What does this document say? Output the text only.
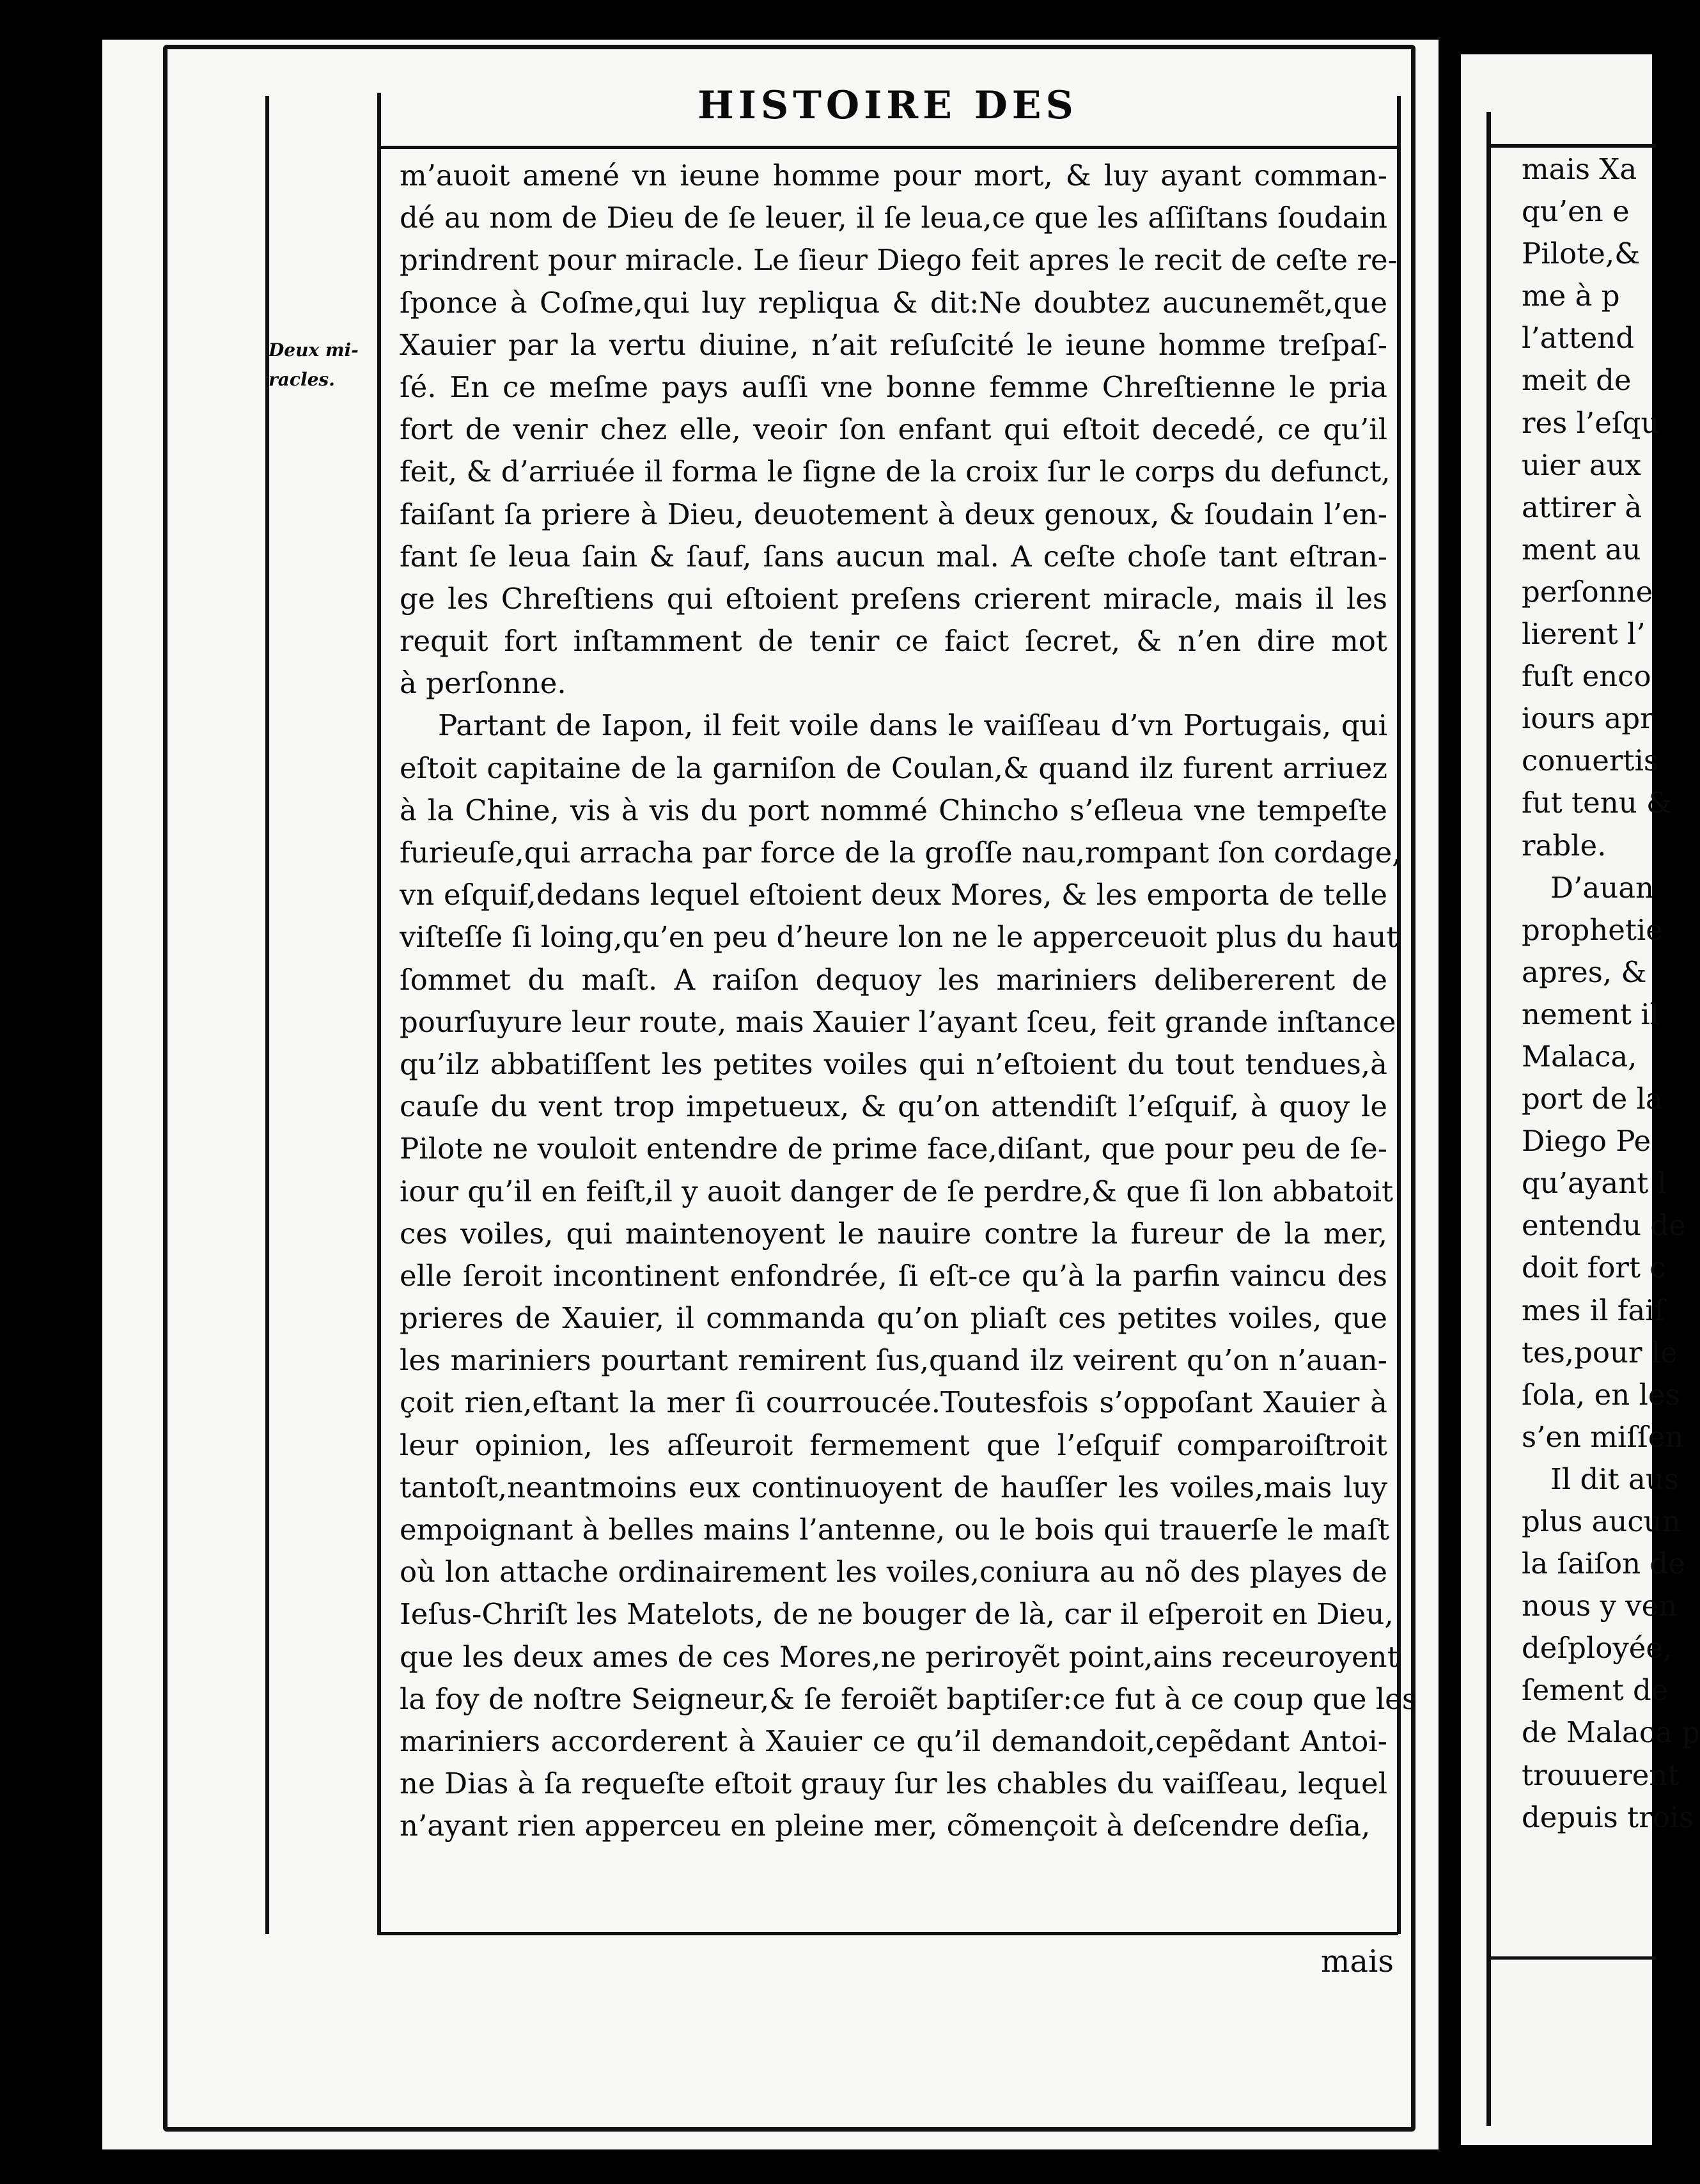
HISTOIRE DES
Deux mi-
racles.
m’auoit amené vn ieune homme pour mort, & luy ayant comman-
dé au nom de Dieu de ſe leuer, il ſe leua,ce que les aſſiſtans ſoudain
prindrent pour miracle. Le ſieur Diego feit apres le recit de ceſte re-
ſponce à Coſme,qui luy repliqua & dit:Ne doubtez aucunemẽt,que
Xauier par la vertu diuine, n’ait reſuſcité le ieune homme treſpaſ-
ſé. En ce meſme pays auſſi vne bonne femme Chreſtienne le pria
fort de venir chez elle, veoir ſon enfant qui eſtoit decedé, ce qu’il
feit, & d’arriuée il forma le ſigne de la croix ſur le corps du defunct,
faiſant ſa priere à Dieu, deuotement à deux genoux, & ſoudain l’en-
fant ſe leua ſain & ſauf, ſans aucun mal. A ceſte choſe tant eſtran-
ge les Chreſtiens qui eſtoient preſens crierent miracle, mais il les
requit fort inſtamment de tenir ce faict ſecret, & n’en dire mot
à perſonne.
Partant de Iapon, il feit voile dans le vaiſſeau d’vn Portugais, qui
eſtoit capitaine de la garniſon de Coulan,& quand ilz furent arriuez
à la Chine, vis à vis du port nommé Chincho s’eſleua vne tempeſte
furieuſe,qui arracha par force de la groſſe nau,rompant ſon cordage,
vn eſquif,dedans lequel eſtoient deux Mores, & les emporta de telle
viſteſſe ſi loing,qu’en peu d’heure lon ne le apperceuoit plus du haut
ſommet du maſt. A raiſon dequoy les mariniers delibererent de
pourſuyure leur route, mais Xauier l’ayant ſceu, feit grande inſtance
qu’ilz abbatiſſent les petites voiles qui n’eſtoient du tout tendues,à
cauſe du vent trop impetueux, & qu’on attendiſt l’eſquif, à quoy le
Pilote ne vouloit entendre de prime face,diſant, que pour peu de ſe-
iour qu’il en feiſt,il y auoit danger de ſe perdre,& que ſi lon abbatoit
ces voiles, qui maintenoyent le nauire contre la fureur de la mer,
elle ſeroit incontinent enfondrée, ſi eſt-ce qu’à la parfin vaincu des
prieres de Xauier, il commanda qu’on pliaſt ces petites voiles, que
les mariniers pourtant remirent ſus,quand ilz veirent qu’on n’auan-
çoit rien,eſtant la mer ſi courroucée.Toutesfois s’oppoſant Xauier à
leur opinion, les aſſeuroit fermement que l’eſquif comparoiſtroit
tantoſt,neantmoins eux continuoyent de hauſſer les voiles,mais luy
empoignant à belles mains l’antenne, ou le bois qui trauerſe le maſt
où lon attache ordinairement les voiles,coniura au nõ des playes de
Ieſus-Chriſt les Matelots, de ne bouger de là, car il eſperoit en Dieu,
que les deux ames de ces Mores,ne periroyẽt point,ains receuroyent
la foy de noſtre Seigneur,& ſe feroiẽt baptiſer:ce fut à ce coup que les
mariniers accorderent à Xauier ce qu’il demandoit,cepẽdant Antoi-
ne Dias à ſa requeſte eſtoit grauy ſur les chables du vaiſſeau, lequel
n’ayant rien apperceu en pleine mer, cõmençoit à deſcendre deſia,
mais
mais Xa
qu’en e
Pilote,&
me à p
l’attend
meit de
res l’eſqu
uier aux
attirer à
ment au
perſonne
lierent l’
fuſt enco
iours apr
conuertis
fut tenu &
rable.
D’auan
prophetie
apres, &
nement il
Malaca,
port de la
Diego Pe
qu’ayant l
entendu de
doit fort c
mes il faiſ
tes,pour le
ſola, en les
s’en miſſen
Il dit aus
plus aucun
la ſaiſon de
nous y ven
deſployée,
ſement de
de Malaca p
trouuerent
depuis trois
